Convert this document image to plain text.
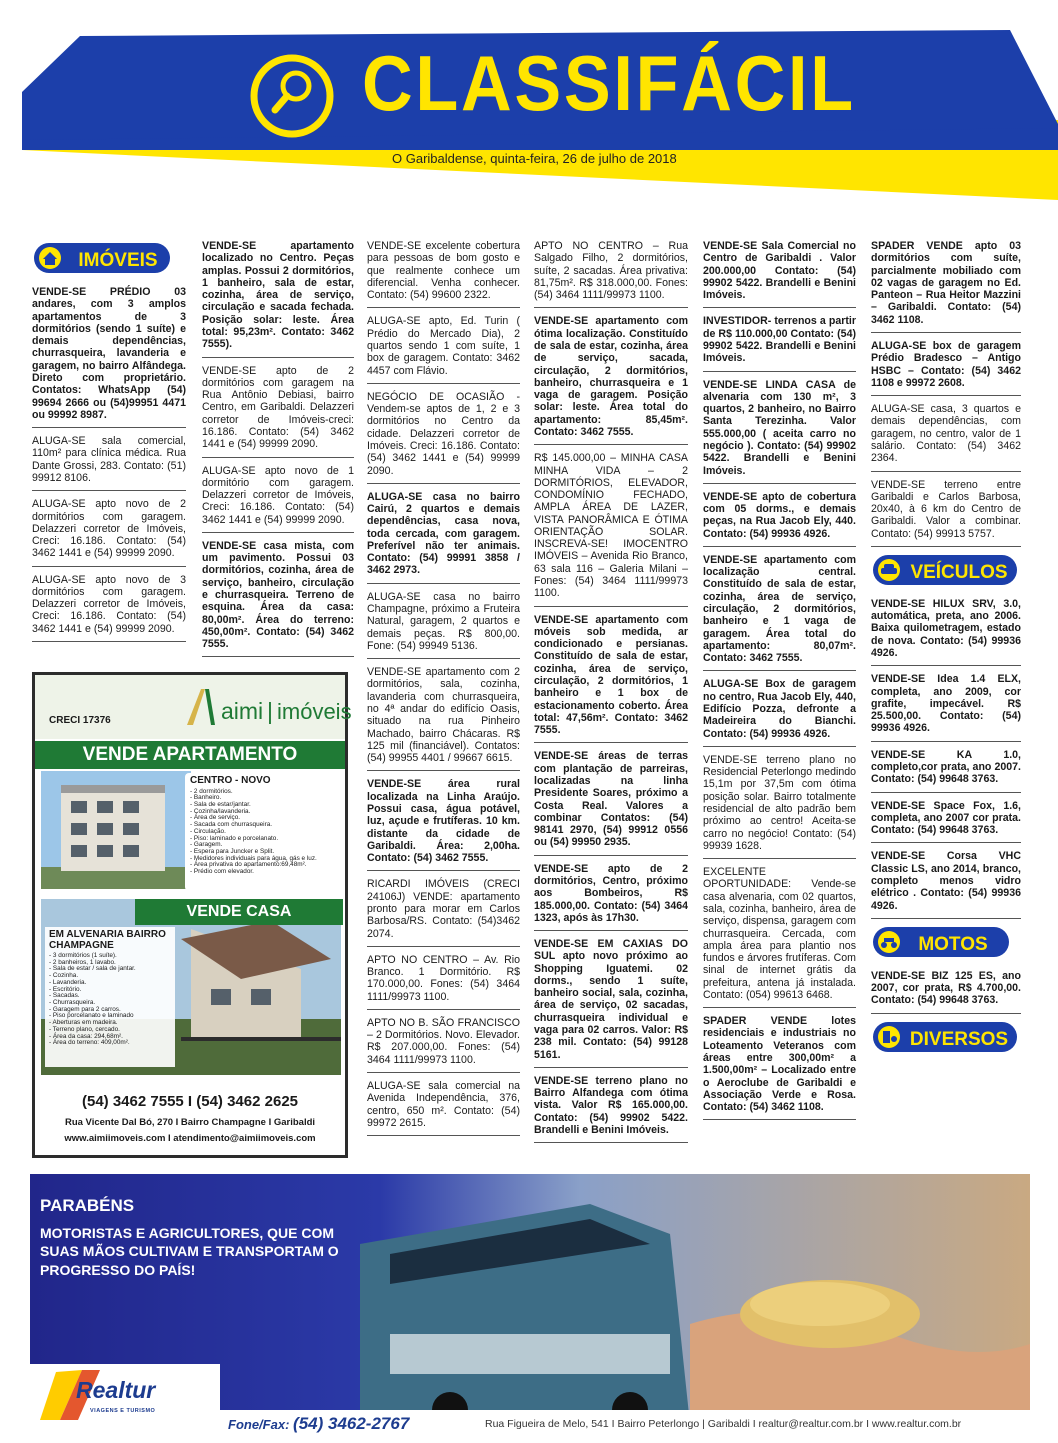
CLASSIFÁCIL
O Garibaldense, quinta-feira, 26 de julho de 2018
IMÓVEIS
VENDE-SE PRÉDIO 03 andares, com 3 amplos apartamentos de 3 dormitórios (sendo 1 suíte) e demais dependências, churrasqueira, lavanderia e garagem, no bairro Alfândega. Direto com proprietário. Contatos: WhatsApp (54) 99694 2666 ou (54)99951 4471 ou 99992 8987.
ALUGA-SE sala comercial, 110m² para clínica médica. Rua Dante Grossi, 283. Contato: (51) 99912 8106.
ALUGA-SE apto novo de 2 dormitórios com garagem. Delazzeri corretor de Imóveis, Creci: 16.186. Contato: (54) 3462 1441 e (54) 99999 2090.
ALUGA-SE apto novo de 3 dormitórios com garagem. Delazzeri corretor de Imóveis, Creci: 16.186. Contato: (54) 3462 1441 e (54) 99999 2090.
CRECI 17376	aimi | imóveis
VENDE APARTAMENTO
CENTRO - NOVO
- 2 dormitórios.
- Banheiro.
- Sala de estar/jantar.
- Cozinha/lavanderia.
- Área de serviço.
- Sacada com churrasqueira.
- Circulação.
- Piso: laminado e porcelanato.
- Garagem.
- Espera para Juncker e Split.
- Medidores individuais para água, gás e luz.
- Área privativa do apartamento:69,48m².
- Prédio com elevador.
VENDE CASA
EM ALVENARIA BAIRRO CHAMPAGNE
- 3 dormitórios (1 suíte).
- 2 banheiros, 1 lavabo.
- Sala de estar / sala de jantar.
- Cozinha.
- Lavanderia.
- Escritório.
- Sacadas.
- Churrasqueira.
- Garagem para 2 carros.
- Piso porcelanato e laminado
- Aberturas em madeira.
- Terreno plano, cercado.
- Área da casa: 294,68m².
- Área do terreno: 409,00m².
(54) 3462 7555 I (54) 3462 2625
Rua Vicente Dal Bó, 270 I Bairro Champagne I Garibaldi
www.aimiimoveis.com I atendimento@aimiimoveis.com
VENDE-SE apartamento localizado no Centro. Peças amplas. Possui 2 dormitórios, 1 banheiro, sala de estar, cozinha, área de serviço, circulação e sacada fechada. Posição solar: leste. Área total: 95,23m². Contato: 3462 7555).
VENDE-SE apto de 2 dormitórios com garagem na Rua Antônio Debiasi, bairro Centro, em Garibaldi. Delazzeri corretor de Imóveis-creci: 16.186. Contato: (54) 3462 1441 e (54) 99999 2090.
ALUGA-SE apto novo de 1 dormitório com garagem. Delazzeri corretor de Imóveis, Creci: 16.186. Contato: (54) 3462 1441 e (54) 99999 2090.
VENDE-SE casa mista, com um pavimento. Possui 03 dormitórios, cozinha, área de serviço, banheiro, circulação e churrasqueira. Terreno de esquina. Área da casa: 80,00m². Área do terreno: 450,00m². Contato: (54) 3462 7555.
VENDE-SE excelente cobertura para pessoas de bom gosto e que realmente conhece um diferencial. Venha conhecer. Contato: (54) 99600 2322.
ALUGA-SE apto, Ed. Turin ( Prédio do Mercado Dia), 2 quartos sendo 1 com suíte, 1 box de garagem. Contato: 3462 4457 com Flávio.
NEGÓCIO DE OCASIÃO - Vendem-se aptos de 1, 2 e 3 dormitórios no Centro da cidade. Delazzeri corretor de Imóveis. Creci: 16.186. Contato: (54) 3462 1441 e (54) 99999 2090.
ALUGA-SE casa no bairro Cairú, 2 quartos e demais dependências, casa nova, toda cercada, com garagem. Preferível não ter animais. Contato: (54) 99991 3858 / 3462 2973.
ALUGA-SE casa no bairro Champagne, próximo a Fruteira Natural, garagem, 2 quartos e demais peças. R$ 800,00. Fone: (54) 99949 5136.
VENDE-SE apartamento com 2 dormitórios, sala, cozinha, lavanderia com churrasqueira, no 4ª andar do edifício Oasis, situado na rua Pinheiro Machado, bairro Chácaras. R$ 125 mil (financiável). Contatos: (54) 99955 4401 / 99667 6615.
VENDE-SE área rural localizada na Linha Araújo. Possui casa, água potável, luz, açude e frutíferas. 10 km. distante da cidade de Garibaldi. Área: 2,00ha. Contato: (54) 3462 7555.
RICARDI IMÓVEIS (CRECI 24106J) VENDE: apartamento pronto para morar em Carlos Barbosa/RS. Contato: (54)3462 2074.
APTO NO CENTRO – Av. Rio Branco. 1 Dormitório. R$ 170.000,00. Fones: (54) 3464 1111/99973 1100.
APTO NO B. SÃO FRANCISCO – 2 Dormitórios. Novo. Elevador. R$ 207.000,00. Fones: (54) 3464 1111/99973 1100.
ALUGA-SE sala comercial na Avenida Independência, 376, centro, 650 m². Contato: (54) 99972 2615.
APTO NO CENTRO – Rua Salgado Filho, 2 dormitórios, suíte, 2 sacadas. Área privativa: 81,75m². R$ 318.000,00. Fones: (54) 3464 1111/99973 1100.
VENDE-SE apartamento com ótima localização. Constituído de sala de estar, cozinha, área de serviço, sacada, circulação, 2 dormitórios, banheiro, churrasqueira e 1 vaga de garagem. Posição solar: leste. Área total do apartamento: 85,45m². Contato: 3462 7555.
R$ 145.000,00 – MINHA CASA MINHA VIDA – 2 DORMITÓRIOS, ELEVADOR, CONDOMÍNIO FECHADO, AMPLA ÁREA DE LAZER, VISTA PANORÂMICA E ÓTIMA ORIENTAÇÃO SOLAR. INSCREVA-SE! IMOCENTRO IMÓVEIS – Avenida Rio Branco, 63 sala 116 – Galeria Milani – Fones: (54) 3464 1111/99973 1100.
VENDE-SE apartamento com móveis sob medida, ar condicionado e persianas. Constituído de sala de estar, cozinha, área de serviço, circulação, 2 dormitórios, 1 banheiro e 1 box de estacionamento coberto. Área total: 47,56m². Contato: 3462 7555.
VENDE-SE áreas de terras com plantação de parreiras, localizadas na linha Presidente Soares, próximo a Costa Real. Valores a combinar Contatos: (54) 98141 2970, (54) 99912 0556 ou (54) 99950 2935.
VENDE-SE apto de 2 dormitórios, Centro, próximo aos Bombeiros, R$ 185.000,00. Contato: (54) 3464 1323, após às 17h30.
VENDE-SE EM CAXIAS DO SUL apto novo próximo ao Shopping Iguatemi. 02 dorms., sendo 1 suíte, banheiro social, sala, cozinha, área de serviço, 02 sacadas, churrasqueira individual e vaga para 02 carros. Valor: R$ 238 mil. Contato: (54) 99128 5161.
VENDE-SE terreno plano no Bairro Alfandega com ótima vista. Valor R$ 165.000,00. Contato: (54) 99902 5422. Brandelli e Benini Imóveis.
VENDE-SE Sala Comercial no Centro de Garibaldi . Valor 200.000,00 Contato: (54) 99902 5422. Brandelli e Benini Imóveis.
INVESTIDOR- terrenos a partir de R$ 110.000,00 Contato: (54) 99902 5422. Brandelli e Benini Imóveis.
VENDE-SE LINDA CASA de alvenaria com 130 m², 3 quartos, 2 banheiro, no Bairro Santa Terezinha. Valor 555.000,00 ( aceita carro no negócio ). Contato: (54) 99902 5422. Brandelli e Benini Imóveis.
VENDE-SE apto de cobertura com 05 dorms., e demais peças, na Rua Jacob Ely, 440. Contato: (54) 99936 4926.
VENDE-SE apartamento com localização central. Constituído de sala de estar, cozinha, área de serviço, circulação, 2 dormitórios, banheiro e 1 vaga de garagem. Área total do apartamento: 80,07m². Contato: 3462 7555.
ALUGA-SE Box de garagem no centro, Rua Jacob Ely, 440, Edifício Pozza, defronte a Madeireira do Bianchi. Contato: (54) 99936 4926.
VENDE-SE terreno plano no Residencial Peterlongo medindo 15,1m por 37,5m com ótima posição solar. Bairro totalmente residencial de alto padrão bem próximo ao centro! Aceita-se carro no negócio! Contato: (54) 99939 1628.
EXCELENTE OPORTUNIDADE: Vende-se casa alvenaria, com 02 quartos, sala, cozinha, banheiro, área de serviço, dispensa, garagem com churrasqueira. Cercada, com ampla área para plantio nos fundos e árvores frutíferas. Com sinal de internet grátis da prefeitura, antena já instalada. Contato: (054) 99613 6468.
SPADER VENDE lotes residenciais e industriais no Loteamento Veteranos com áreas entre 300,00m² a 1.500,00m² – Localizado entre o Aeroclube de Garibaldi e Associação Verde e Rosa. Contato: (54) 3462 1108.
SPADER VENDE apto 03 dormitórios com suíte, parcialmente mobiliado com 02 vagas de garagem no Ed. Panteon – Rua Heitor Mazzini – Garibaldi. Contato: (54) 3462 1108.
ALUGA-SE box de garagem Prédio Bradesco – Antigo HSBC – Contato: (54) 3462 1108 e 99972 2608.
ALUGA-SE casa, 3 quartos e demais dependências, com garagem, no centro, valor de 1 salário. Contato: (54) 3462 2364.
VENDE-SE terreno entre Garibaldi e Carlos Barbosa, 20x40, à 6 km do Centro de Garibaldi. Valor a combinar. Contato: (54) 99913 5757.
VEÍCULOS
VENDE-SE HILUX SRV, 3.0, automática, preta, ano 2006. Baixa quilometragem, estado de nova. Contato: (54) 99936 4926.
VENDE-SE Idea 1.4 ELX, completa, ano 2009, cor grafite, impecável. R$ 25.500,00. Contato: (54) 99936 4926.
VENDE-SE KA 1.0, completo,cor prata, ano 2007. Contato: (54) 99648 3763.
VENDE-SE Space Fox, 1.6, completa, ano 2007 cor prata. Contato: (54) 99648 3763.
VENDE-SE Corsa VHC Classic LS, ano 2014, branco, completo menos vidro elétrico . Contato: (54) 99936 4926.
MOTOS
VENDE-SE BIZ 125 ES, ano 2007, cor prata, R$ 4.700,00. Contato: (54) 99648 3763.
DIVERSOS
PARABÉNS
MOTORISTAS E AGRICULTORES, QUE COM SUAS MÃOS CULTIVAM E TRANSPORTAM O PROGRESSO DO PAÍS!
Realtur
VIAGENS E TURISMO
Fone/Fax: (54) 3462-2767	Rua Figueira de Melo, 541 I Bairro Peterlongo | Garibaldi I realtur@realtur.com.br I www.realtur.com.br
